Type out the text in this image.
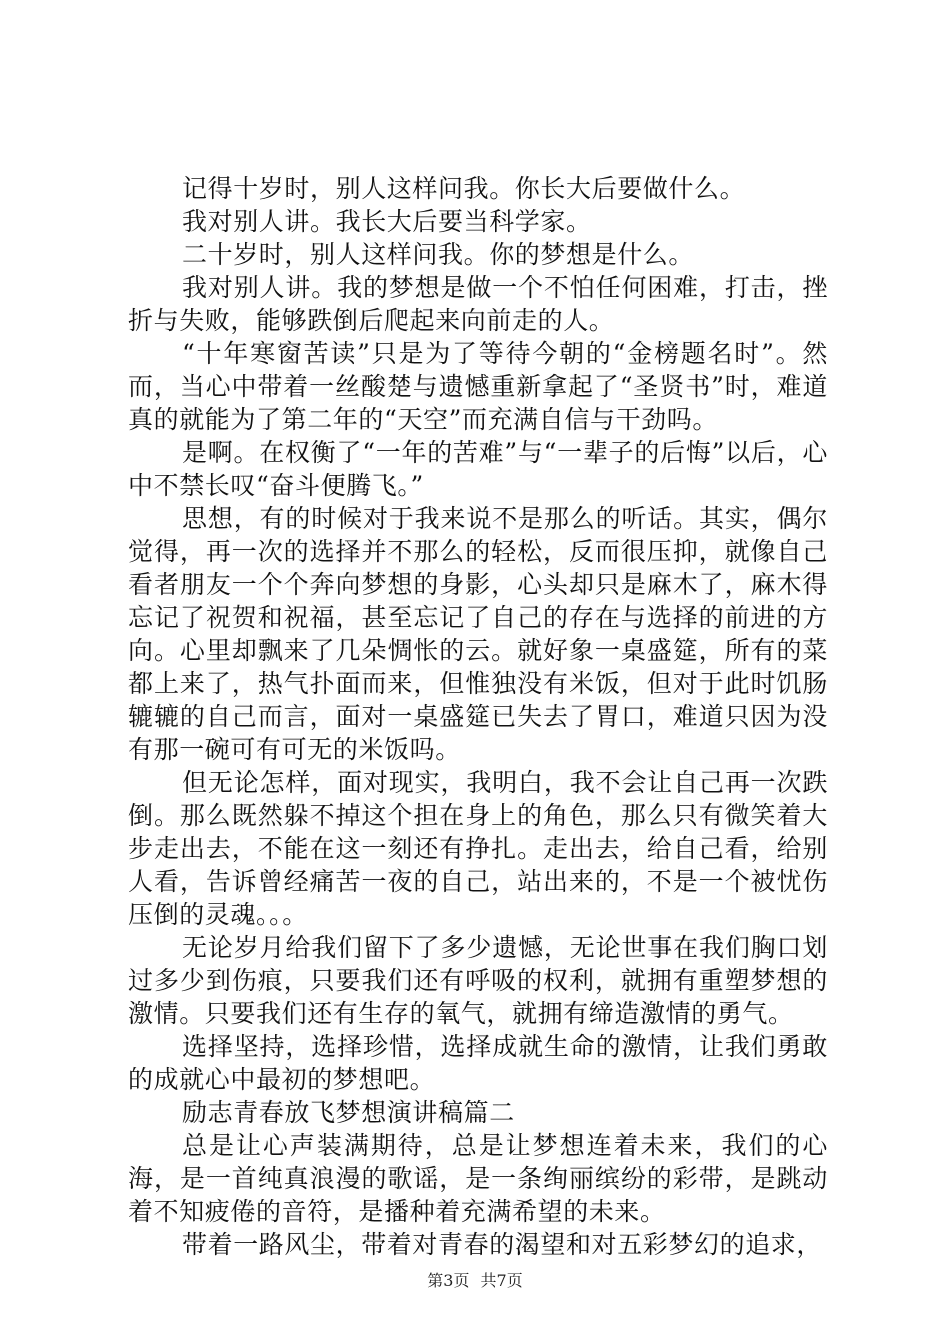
记得十岁时，别人这样问我。你长大后要做什么。

我对别人讲。我长大后要当科学家。

二十岁时，别人这样问我。你的梦想是什么。

我对别人讲。我的梦想是做一个不怕任何困难，打击，挫折与失败，能够跌倒后爬起来向前走的人。

“十年寒窗苦读”只是为了等待今朝的“金榜题名时”。然而，当心中带着一丝酸楚与遗憾重新拿起了“圣贤书”时，难道真的就能为了第二年的“天空”而充满自信与干劲吗。

是啊。在权衡了“一年的苦难”与“一辈子的后悔”以后，心中不禁长叹“奋斗便腾飞。”

思想，有的时候对于我来说不是那么的听话。其实，偶尔觉得，再一次的选择并不那么的轻松，反而很压抑，就像自己看者朋友一个个奔向梦想的身影，心头却只是麻木了，麻木得忘记了祝贺和祝福，甚至忘记了自己的存在与选择的前进的方向。心里却飘来了几朵惆怅的云。就好象一桌盛筵，所有的菜都上来了，热气扑面而来，但惟独没有米饭，但对于此时饥肠辘辘的自己而言，面对一桌盛筵已失去了胃口，难道只因为没有那一碗可有可无的米饭吗。

但无论怎样，面对现实，我明白，我不会让自己再一次跌倒。那么既然躲不掉这个担在身上的角色，那么只有微笑着大步走出去，不能在这一刻还有挣扎。走出去，给自己看，给别人看，告诉曾经痛苦一夜的自己，站出来的，不是一个被忧伤压倒的灵魂。。。

无论岁月给我们留下了多少遗憾，无论世事在我们胸口划过多少到伤痕，只要我们还有呼吸的权利，就拥有重塑梦想的激情。只要我们还有生存的氧气，就拥有缔造激情的勇气。

选择坚持，选择珍惜，选择成就生命的激情，让我们勇敢的成就心中最初的梦想吧。

励志青春放飞梦想演讲稿篇二

总是让心声装满期待，总是让梦想连着未来，我们的心海，是一首纯真浪漫的歌谣，是一条绚丽缤纷的彩带，是跳动着不知疲倦的音符，是播种着充满希望的未来。

带着一路风尘，带着对青春的渴望和对五彩梦幻的追求，

第3页 共7页
